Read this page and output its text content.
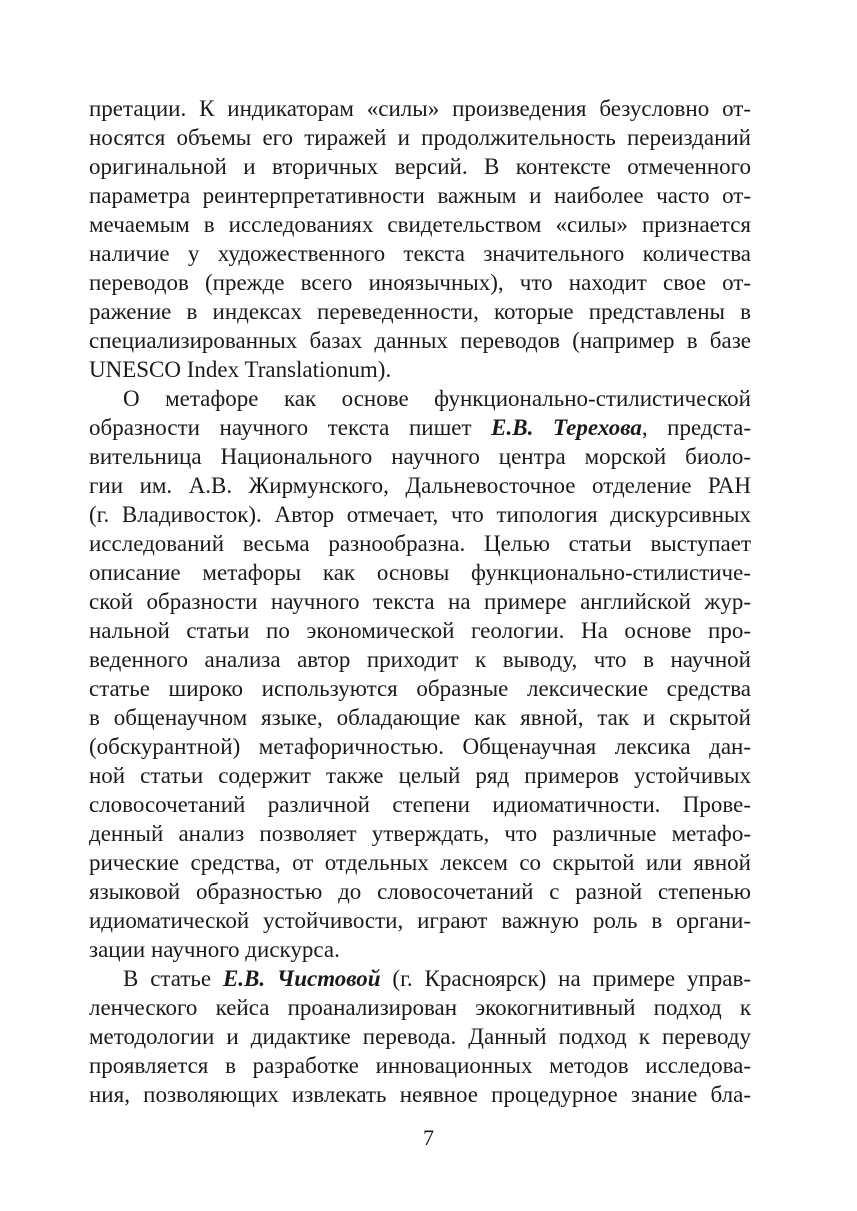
претации. К индикаторам «силы» произведения безусловно от-
носятся объемы его тиражей и продолжительность переизданий
оригинальной и вторичных версий. В контексте отмеченного
параметра реинтерпретативности важным и наиболее часто от-
мечаемым в исследованиях свидетельством «силы» признается
наличие у художественного текста значительного количества
переводов (прежде всего иноязычных), что находит свое от-
ражение в индексах переведенности, которые представлены в
специализированных базах данных переводов (например в базе
UNESCO Index Translationum).
О метафоре как основе функционально-стилистической
образности научного текста пишет Е.В. Терехова, предста-
вительница Национального научного центра морской биоло-
гии им. А.В. Жирмунского, Дальневосточное отделение РАН
(г. Владивосток). Автор отмечает, что типология дискурсивных
исследований весьма разнообразна. Целью статьи выступает
описание метафоры как основы функционально-стилистиче-
ской образности научного текста на примере английской жур-
нальной статьи по экономической геологии. На основе про-
веденного анализа автор приходит к выводу, что в научной
статье широко используются образные лексические средства
в общенаучном языке, обладающие как явной, так и скрытой
(обскурантной) метафоричностью. Общенаучная лексика дан-
ной статьи содержит также целый ряд примеров устойчивых
словосочетаний различной степени идиоматичности. Прове-
денный анализ позволяет утверждать, что различные метафо-
рические средства, от отдельных лексем со скрытой или явной
языковой образностью до словосочетаний с разной степенью
идиоматической устойчивости, играют важную роль в органи-
зации научного дискурса.
В статье Е.В. Чистовой (г. Красноярск) на примере управ-
ленческого кейса проанализирован экокогнитивный подход к
методологии и дидактике перевода. Данный подход к переводу
проявляется в разработке инновационных методов исследова-
ния, позволяющих извлекать неявное процедурное знание бла-
7
